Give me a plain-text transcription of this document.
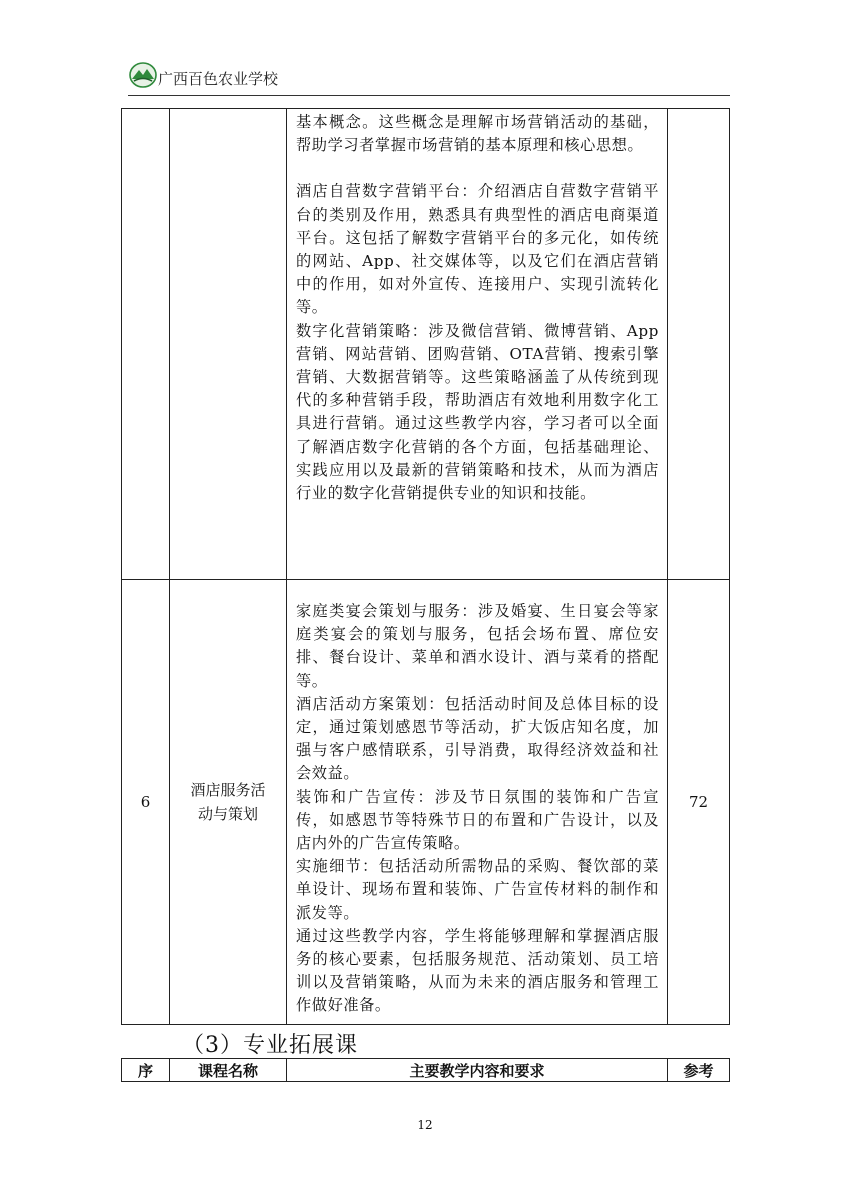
广西百色农业学校

		基本概念。这些概念是理解市场营销活动的基础，帮助学习者掌握市场营销的基本原理和核心思想。

酒店自营数字营销平台：介绍酒店自营数字营销平台的类别及作用，熟悉具有典型性的酒店电商渠道平台。这包括了解数字营销平台的多元化，如传统的网站、App、社交媒体等，以及它们在酒店营销中的作用，如对外宣传、连接用户、实现引流转化等。

数字化营销策略：涉及微信营销、微博营销、App营销、网站营销、团购营销、OTA营销、搜索引擎营销、大数据营销等。这些策略涵盖了从传统到现代的多种营销手段，帮助酒店有效地利用数字化工具进行营销。通过这些教学内容，学习者可以全面了解酒店数字化营销的各个方面，包括基础理论、实践应用以及最新的营销策略和技术，从而为酒店行业的数字化营销提供专业的知识和技能。	

6	酒店服务活动与策划	家庭类宴会策划与服务：涉及婚宴、生日宴会等家庭类宴会的策划与服务，包括会场布置、席位安排、餐台设计、菜单和酒水设计、酒与菜肴的搭配等。

酒店活动方案策划：包括活动时间及总体目标的设定，通过策划感恩节等活动，扩大饭店知名度，加强与客户感情联系，引导消费，取得经济效益和社会效益。

装饰和广告宣传：涉及节日氛围的装饰和广告宣传，如感恩节等特殊节日的布置和广告设计，以及店内外的广告宣传策略。

实施细节：包括活动所需物品的采购、餐饮部的菜单设计、现场布置和装饰、广告宣传材料的制作和派发等。

通过这些教学内容，学生将能够理解和掌握酒店服务的核心要素，包括服务规范、活动策划、员工培训以及营销策略，从而为未来的酒店服务和管理工作做好准备。	72
（3）专业拓展课
序	课程名称	主要教学内容和要求	参考
12
